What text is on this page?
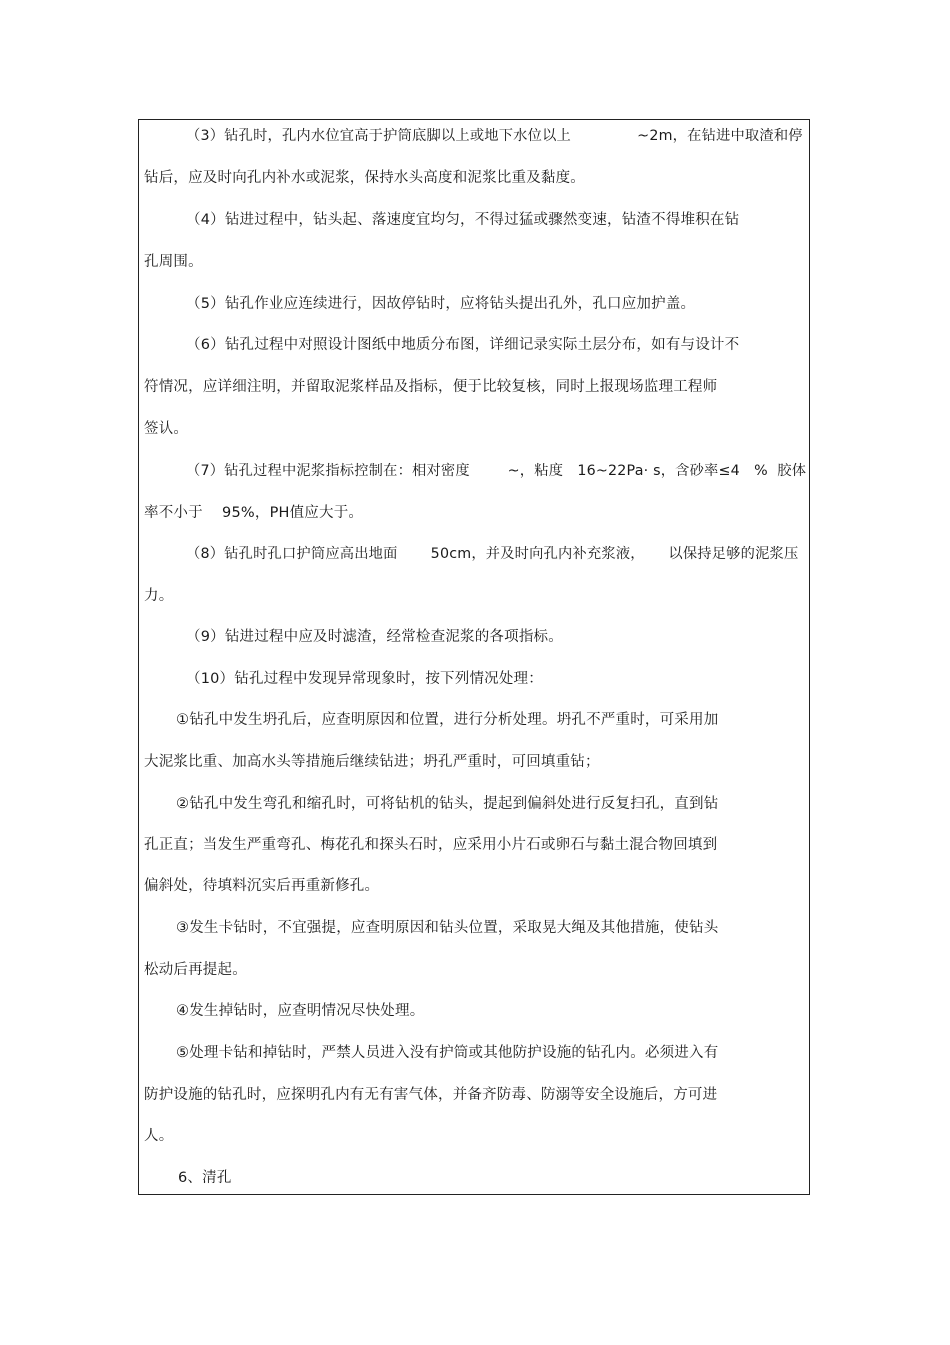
（3）钻孔时，孔内水位宜高于护筒底脚以上或地下水位以上              ~2m，在钻进中取渣和停
钻后，应及时向孔内补水或泥浆，保持水头高度和泥浆比重及黏度。
（4）钻进过程中，钻头起、落速度宜均匀，不得过猛或骤然变速，钻渣不得堆积在钻
孔周围。
（5）钻孔作业应连续进行，因故停钻时，应将钻头提出孔外，孔口应加护盖。
（6）钻孔过程中对照设计图纸中地质分布图，详细记录实际土层分布，如有与设计不
符情况，应详细注明，并留取泥浆样品及指标，便于比较复核，同时上报现场监理工程师
签认。
（7）钻孔过程中泥浆指标控制在：相对密度        ~，粘度   16~22Pa· s，含砂率≤4   %  胶体
率不小于    95%，PH值应大于。
（8）钻孔时孔口护筒应高出地面       50cm，并及时向孔内补充浆液，     以保持足够的泥浆压
力。
（9）钻进过程中应及时滤渣，经常检查泥浆的各项指标。
（10）钻孔过程中发现异常现象时，按下列情况处理：
①钻孔中发生坍孔后，应查明原因和位置，进行分析处理。坍孔不严重时，可采用加
大泥浆比重、加高水头等措施后继续钻进；坍孔严重时，可回填重钻；
②钻孔中发生弯孔和缩孔时，可将钻机的钻头，提起到偏斜处进行反复扫孔，直到钻
孔正直；当发生严重弯孔、梅花孔和探头石时，应采用小片石或卵石与黏土混合物回填到
偏斜处，待填料沉实后再重新修孔。
③发生卡钻时，不宜强提，应查明原因和钻头位置，采取晃大绳及其他措施，使钻头
松动后再提起。
④发生掉钻时，应查明情况尽快处理。
⑤处理卡钻和掉钻时，严禁人员进入没有护筒或其他防护设施的钻孔内。必须进入有
防护设施的钻孔时，应探明孔内有无有害气体，并备齐防毒、防溺等安全设施后，方可进
人。
6、清孔
